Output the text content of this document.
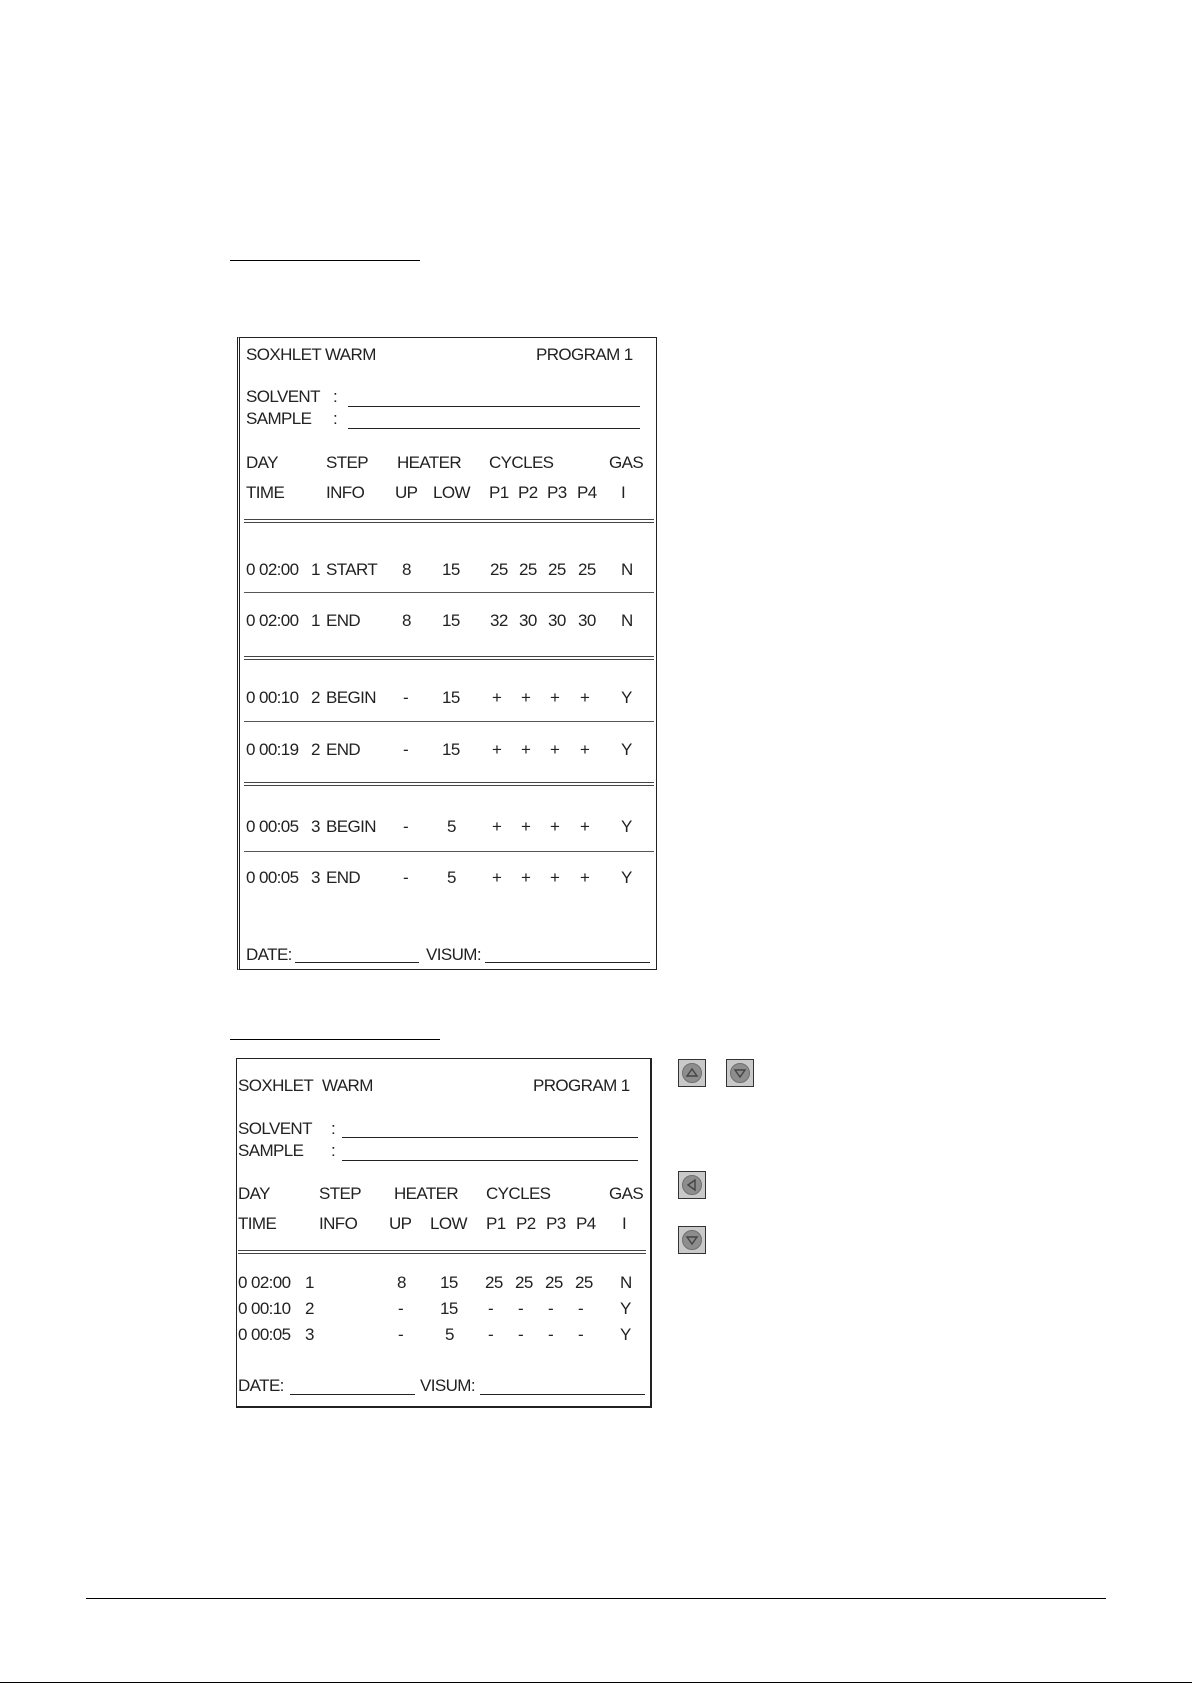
SOXHLET WARM	PROGRAM 1
SOLVENT :
SAMPLE :
DAY	STEP HEATER CYCLES	GAS
TIME INFO UP LOW P1 P2 P3 P4 I
0 02:00 1 START 8 15 25 25 25 25 N
0 02:00 1 END 8 15 32 30 30 30 N
0 00:10 2 BEGIN - 15 + + + + Y
0 00:19 2 END	- 15 + + + + Y
0 00:05 3 BEGIN - 5 + + + + Y
0 00:05 3 END	- 5 + + + + Y
DATE:	VISUM:
SOXHLET WARM	PROGRAM 1
SOLVENT :
SAMPLE :
DAY	STEP HEATER CYCLES	GAS
TIME	INFO UP LOW P1 P2 P3 P4 I
0 02:00 1	8 15 25 25 25 25 N
0 00:10 2	- 15 - - - - Y
0 00:05 3	- 5 - - - - Y
DATE:	VISUM:
